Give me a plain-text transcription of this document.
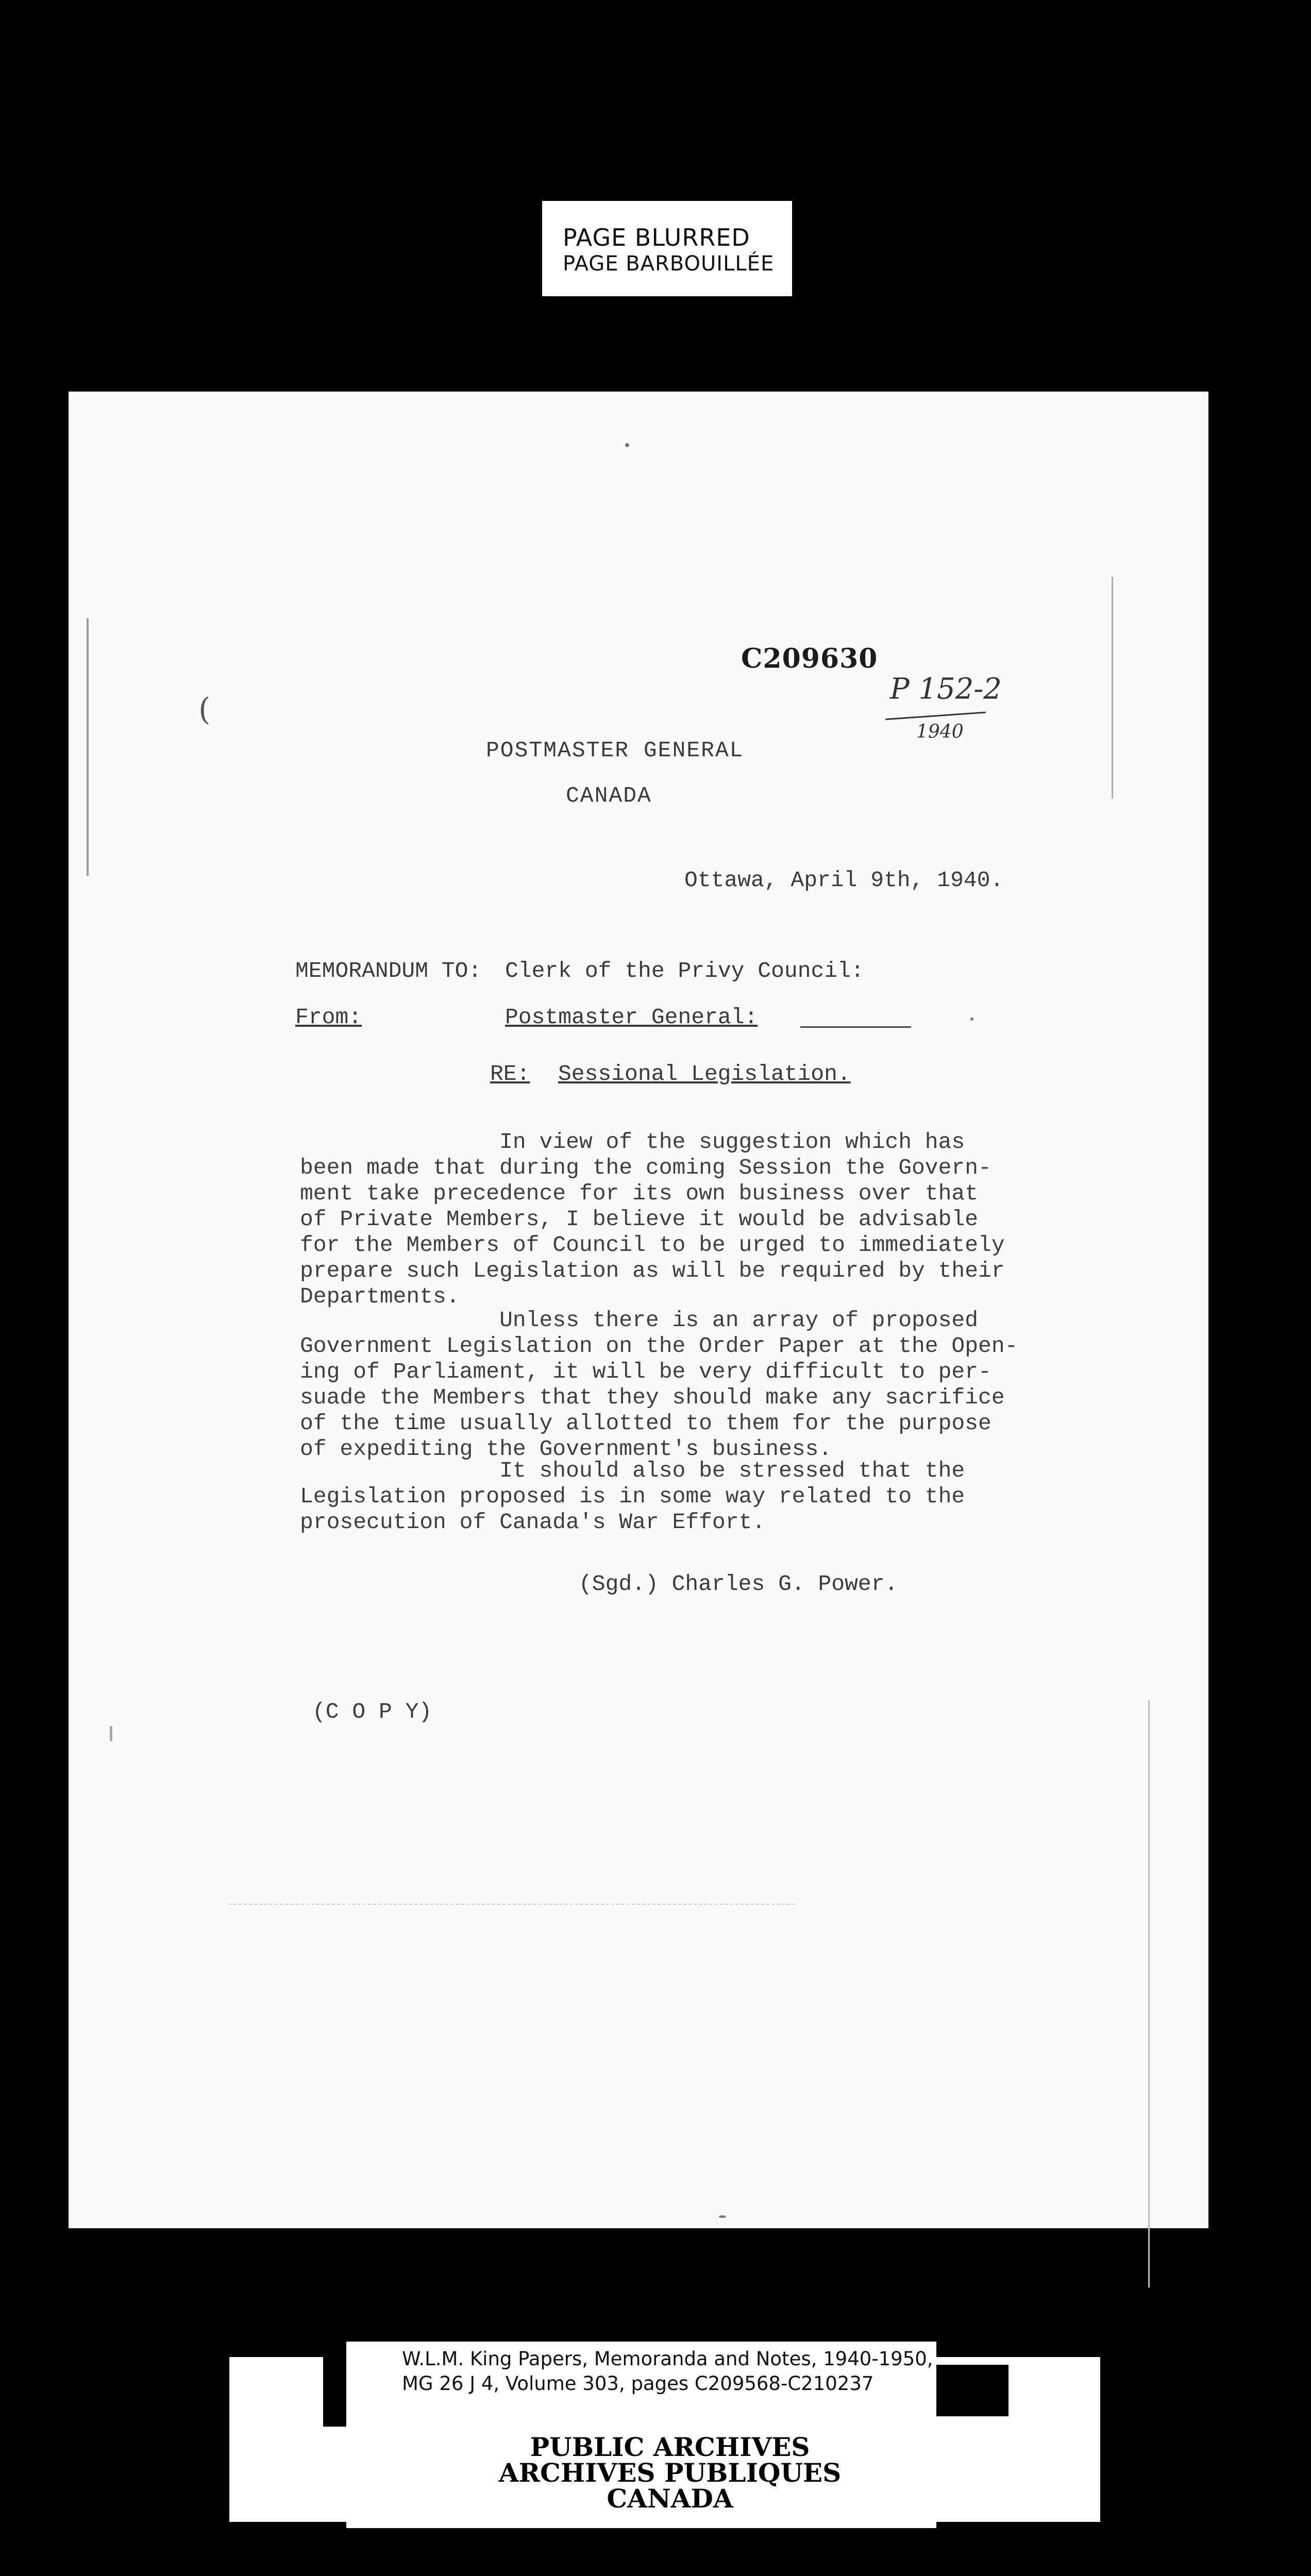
PAGE BLURRED
PAGE BARBOUILLÉE
(
C209630
P 152-2
1940
POSTMASTER GENERAL
CANADA
Ottawa, April 9th, 1940.
MEMORANDUM TO: Clerk of the Privy Council:
From:	Postmaster General:
RE: Sessional Legislation.
In view of the suggestion which has
been made that during the coming Session the Govern-
ment take precedence for its own business over that
of Private Members, I believe it would be advisable
for the Members of Council to be urged to immediately
prepare such Legislation as will be required by their
Departments.
Unless there is an array of proposed
Government Legislation on the Order Paper at the Open-
ing of Parliament, it will be very difficult to per-
suade the Members that they should make any sacrifice
of the time usually allotted to them for the purpose
of expediting the Government's business.
It should also be stressed that the
Legislation proposed is in some way related to the
prosecution of Canada's War Effort.
(Sgd.) Charles G. Power.
(C O P Y)
W.L.M. King Papers, Memoranda and Notes, 1940-1950,
MG 26 J 4, Volume 303, pages C209568-C210237
PUBLIC ARCHIVES
ARCHIVES PUBLIQUES
CANADA
